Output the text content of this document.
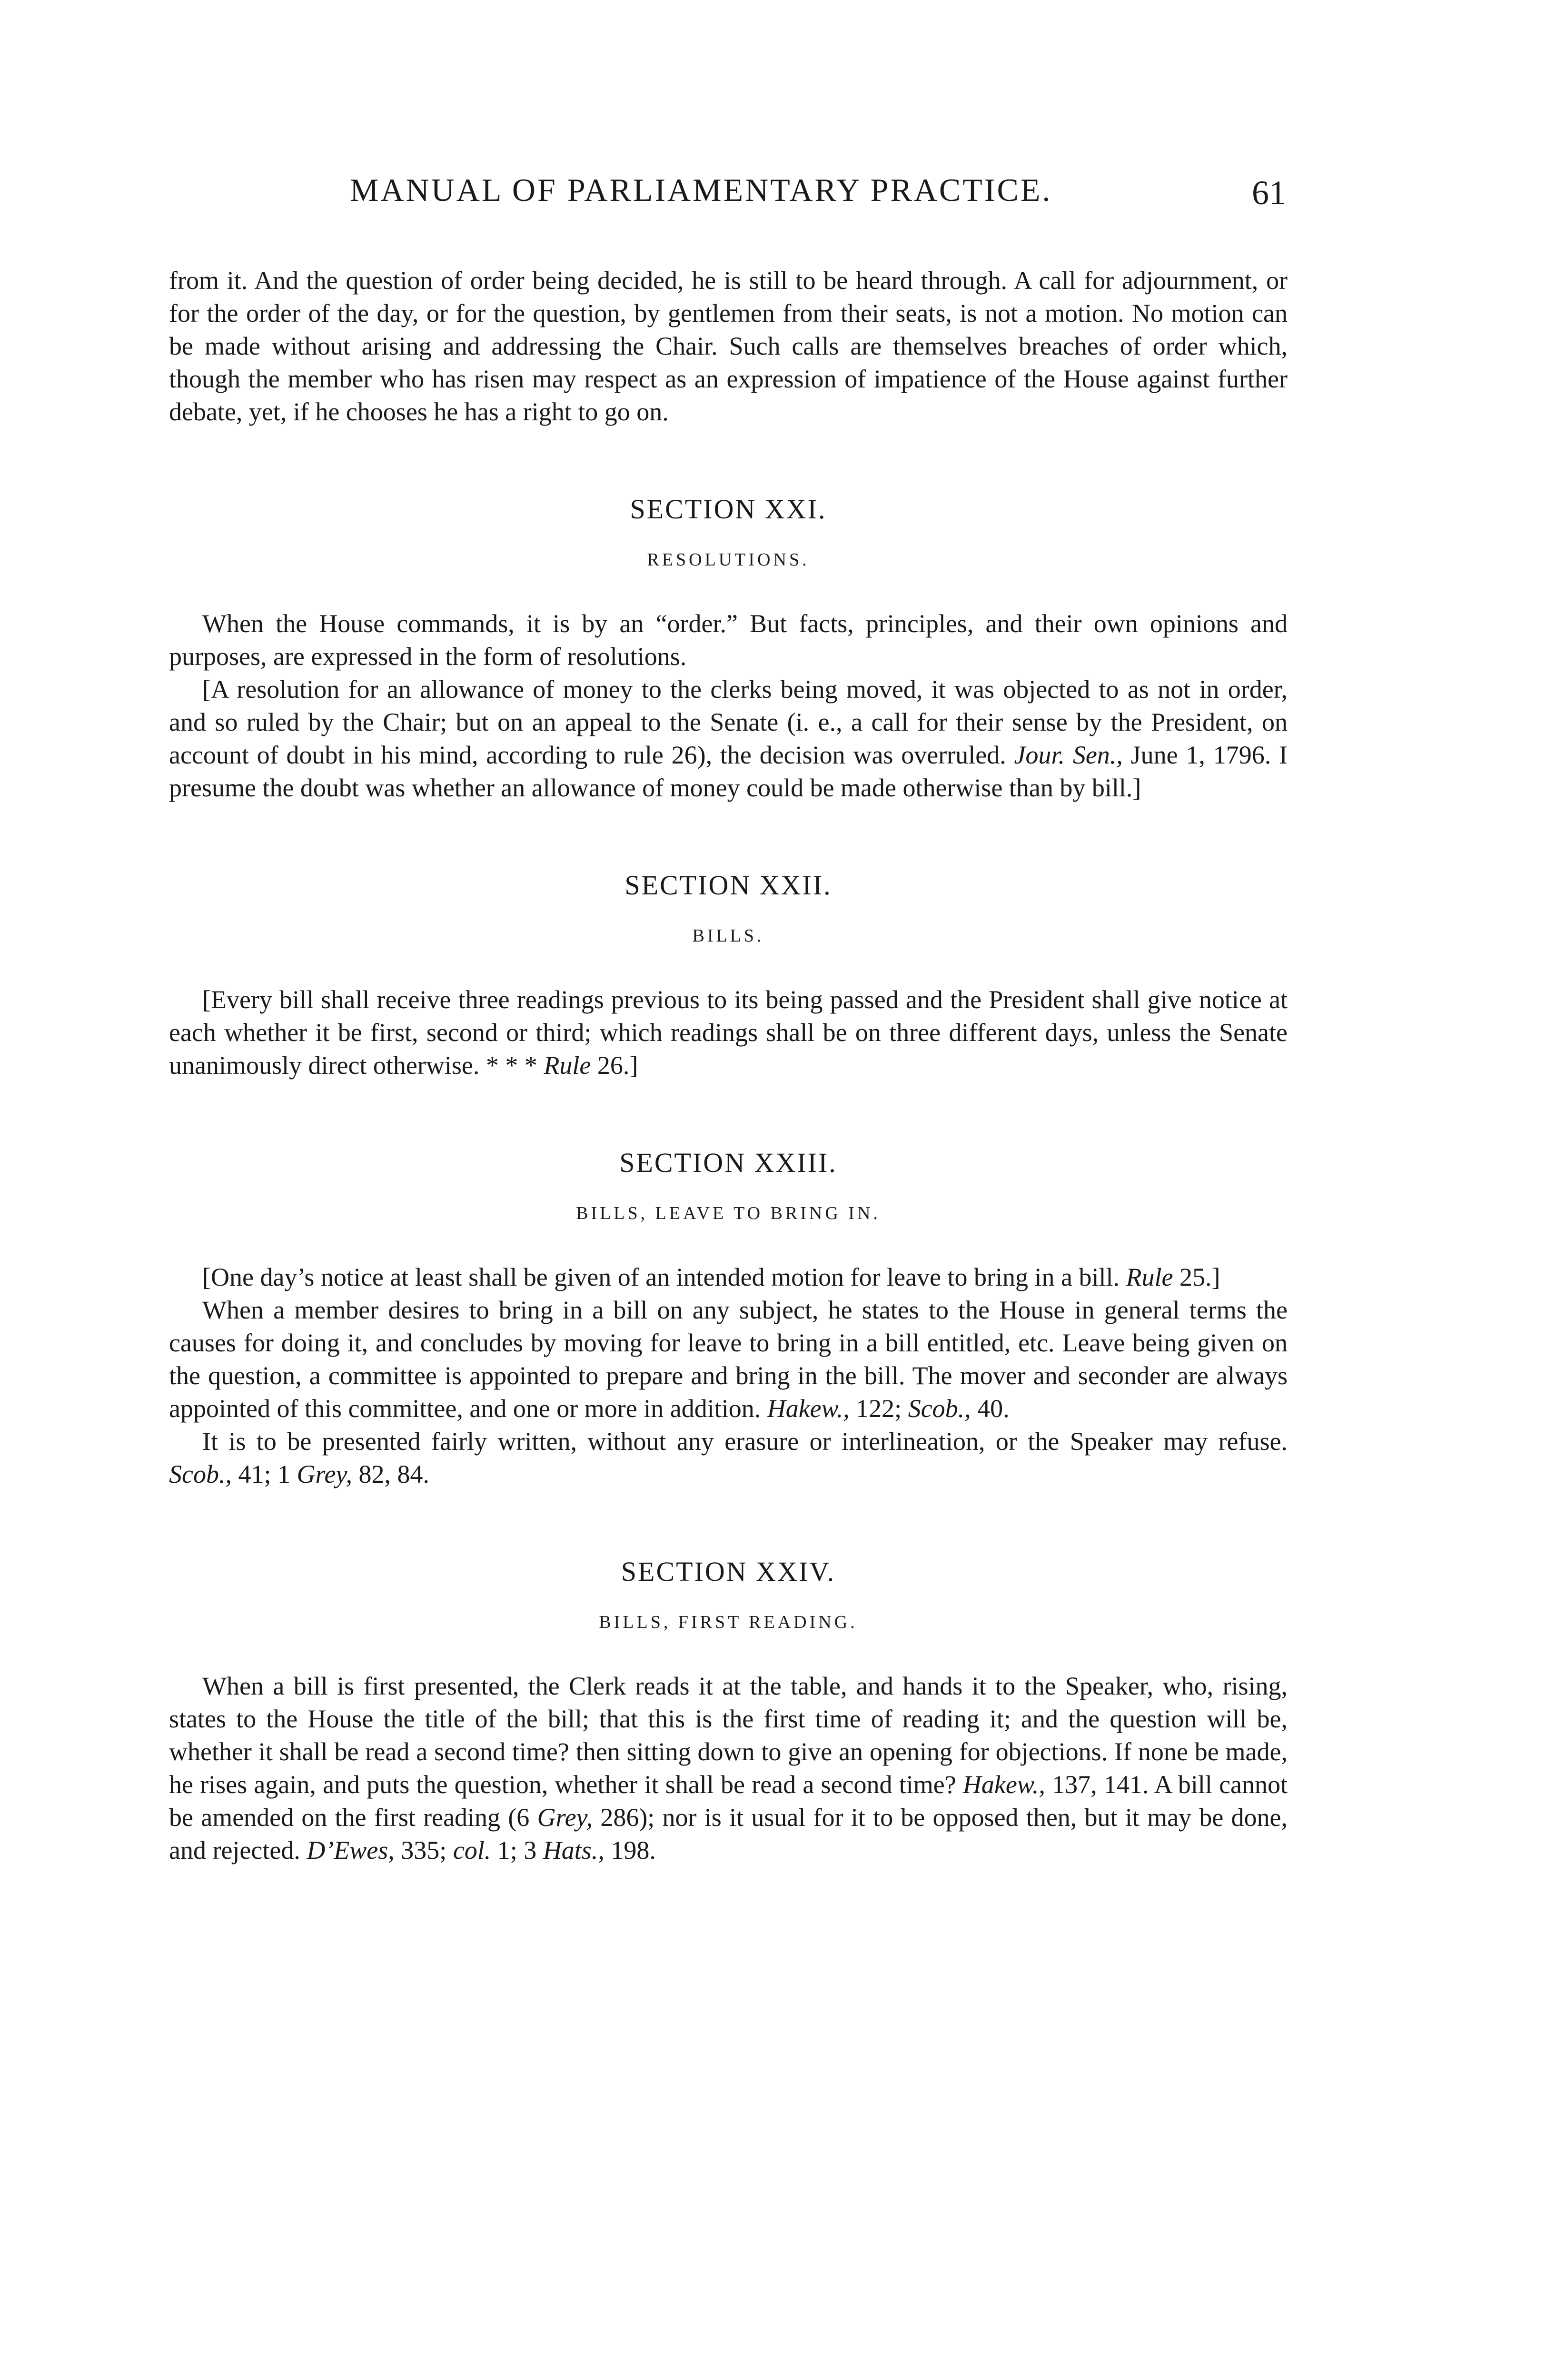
MANUAL OF PARLIAMENTARY PRACTICE.	61

from it. And the question of order being decided, he is still to be heard through. A call for adjournment, or for the order of the day, or for the question, by gentlemen from their seats, is not a motion. No motion can be made without arising and addressing the Chair. Such calls are themselves breaches of order which, though the member who has risen may respect as an expression of impatience of the House against further debate, yet, if he chooses he has a right to go on.

SECTION XXI.
RESOLUTIONS.

When the House commands, it is by an “order.” But facts, principles, and their own opinions and purposes, are expressed in the form of resolutions.

[A resolution for an allowance of money to the clerks being moved, it was objected to as not in order, and so ruled by the Chair; but on an appeal to the Senate (i. e., a call for their sense by the President, on account of doubt in his mind, according to rule 26), the decision was overruled. Jour. Sen., June 1, 1796. I presume the doubt was whether an allowance of money could be made otherwise than by bill.]

SECTION XXII.
BILLS.

[Every bill shall receive three readings previous to its being passed and the President shall give notice at each whether it be first, second or third; which readings shall be on three different days, unless the Senate unanimously direct otherwise. * * * Rule 26.]

SECTION XXIII.
BILLS, LEAVE TO BRING IN.

[One day’s notice at least shall be given of an intended motion for leave to bring in a bill. Rule 25.]

When a member desires to bring in a bill on any subject, he states to the House in general terms the causes for doing it, and concludes by moving for leave to bring in a bill entitled, etc. Leave being given on the question, a committee is appointed to prepare and bring in the bill. The mover and seconder are always appointed of this committee, and one or more in addition. Hakew., 122; Scob., 40.

It is to be presented fairly written, without any erasure or interlineation, or the Speaker may refuse. Scob., 41; 1 Grey, 82, 84.

SECTION XXIV.
BILLS, FIRST READING.

When a bill is first presented, the Clerk reads it at the table, and hands it to the Speaker, who, rising, states to the House the title of the bill; that this is the first time of reading it; and the question will be, whether it shall be read a second time? then sitting down to give an opening for objections. If none be made, he rises again, and puts the question, whether it shall be read a second time? Hakew., 137, 141. A bill cannot be amended on the first reading (6 Grey, 286); nor is it usual for it to be opposed then, but it may be done, and rejected. D’Ewes, 335; col. 1; 3 Hats., 198.
